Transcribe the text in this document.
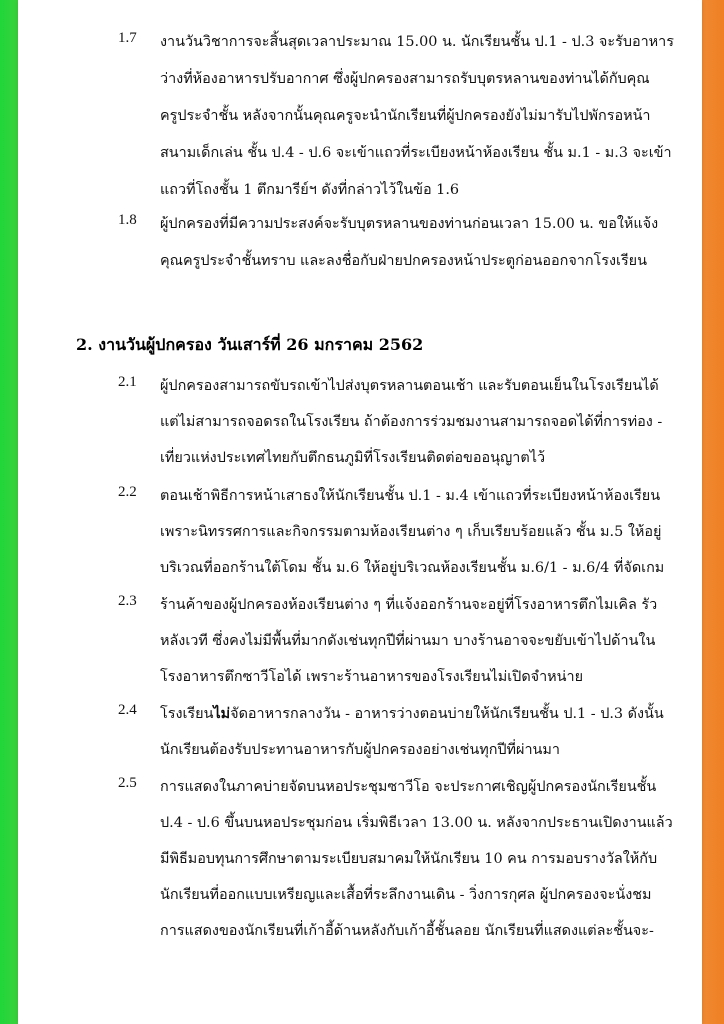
1.7 งานวันวิชาการจะสิ้นสุดเวลาประมาณ 15.00 น. นักเรียนชั้น ป.1 - ป.3 จะรับอาหาร
ว่างที่ห้องอาหารปรับอากาศ ซึ่งผู้ปกครองสามารถรับบุตรหลานของท่านได้กับคุณ
ครูประจำชั้น หลังจากนั้นคุณครูจะนำนักเรียนที่ผู้ปกครองยังไม่มารับไปพักรอหน้า
สนามเด็กเล่น ชั้น ป.4 - ป.6 จะเข้าแถวที่ระเบียงหน้าห้องเรียน ชั้น ม.1 - ม.3 จะเข้า
แถวที่โถงชั้น 1 ตึกมารีย์ฯ ดังที่กล่าวไว้ในข้อ 1.6
1.8 ผู้ปกครองที่มีความประสงค์จะรับบุตรหลานของท่านก่อนเวลา 15.00 น. ขอให้แจ้ง
คุณครูประจำชั้นทราบ และลงชื่อกับฝ่ายปกครองหน้าประตูก่อนออกจากโรงเรียน
2. งานวันผู้ปกครอง วันเสาร์ที่ 26 มกราคม 2562
2.1 ผู้ปกครองสามารถขับรถเข้าไปส่งบุตรหลานตอนเช้า และรับตอนเย็นในโรงเรียนได้
แต่ไม่สามารถจอดรถในโรงเรียน ถ้าต้องการร่วมชมงานสามารถจอดได้ที่การท่อง -
เที่ยวแห่งประเทศไทยกับตึกธนภูมิที่โรงเรียนติดต่อขออนุญาตไว้
2.2 ตอนเช้าพิธีการหน้าเสาธงให้นักเรียนชั้น ป.1 - ม.4 เข้าแถวที่ระเบียงหน้าห้องเรียน
เพราะนิทรรศการและกิจกรรมตามห้องเรียนต่าง ๆ เก็บเรียบร้อยแล้ว ชั้น ม.5 ให้อยู่
บริเวณที่ออกร้านใต้โดม ชั้น ม.6 ให้อยู่บริเวณห้องเรียนชั้น ม.6/1 - ม.6/4 ที่จัดเกม
2.3 ร้านค้าของผู้ปกครองห้องเรียนต่าง ๆ ที่แจ้งออกร้านจะอยู่ที่โรงอาหารตึกไมเคิล รัว
หลังเวที ซึ่งคงไม่มีพื้นที่มากดังเช่นทุกปีที่ผ่านมา บางร้านอาจจะขยับเข้าไปด้านใน
โรงอาหารตึกซาวีโอได้ เพราะร้านอาหารของโรงเรียนไม่เปิดจำหน่าย
2.4 โรงเรียนไม่จัดอาหารกลางวัน - อาหารว่างตอนบ่ายให้นักเรียนชั้น ป.1 - ป.3 ดังนั้น
นักเรียนต้องรับประทานอาหารกับผู้ปกครองอย่างเช่นทุกปีที่ผ่านมา
2.5 การแสดงในภาคบ่ายจัดบนหอประชุมซาวีโอ จะประกาศเชิญผู้ปกครองนักเรียนชั้น
ป.4 - ป.6 ขึ้นบนหอประชุมก่อน เริ่มพิธีเวลา 13.00 น. หลังจากประธานเปิดงานแล้ว
มีพิธีมอบทุนการศึกษาตามระเบียบสมาคมให้นักเรียน 10 คน การมอบรางวัลให้กับ
นักเรียนที่ออกแบบเหรียญและเสื้อที่ระลึกงานเดิน - วิ่งการกุศล ผู้ปกครองจะนั่งชม
การแสดงของนักเรียนที่เก้าอี้ด้านหลังกับเก้าอี้ชั้นลอย นักเรียนที่แสดงแต่ละชั้นจะ-
